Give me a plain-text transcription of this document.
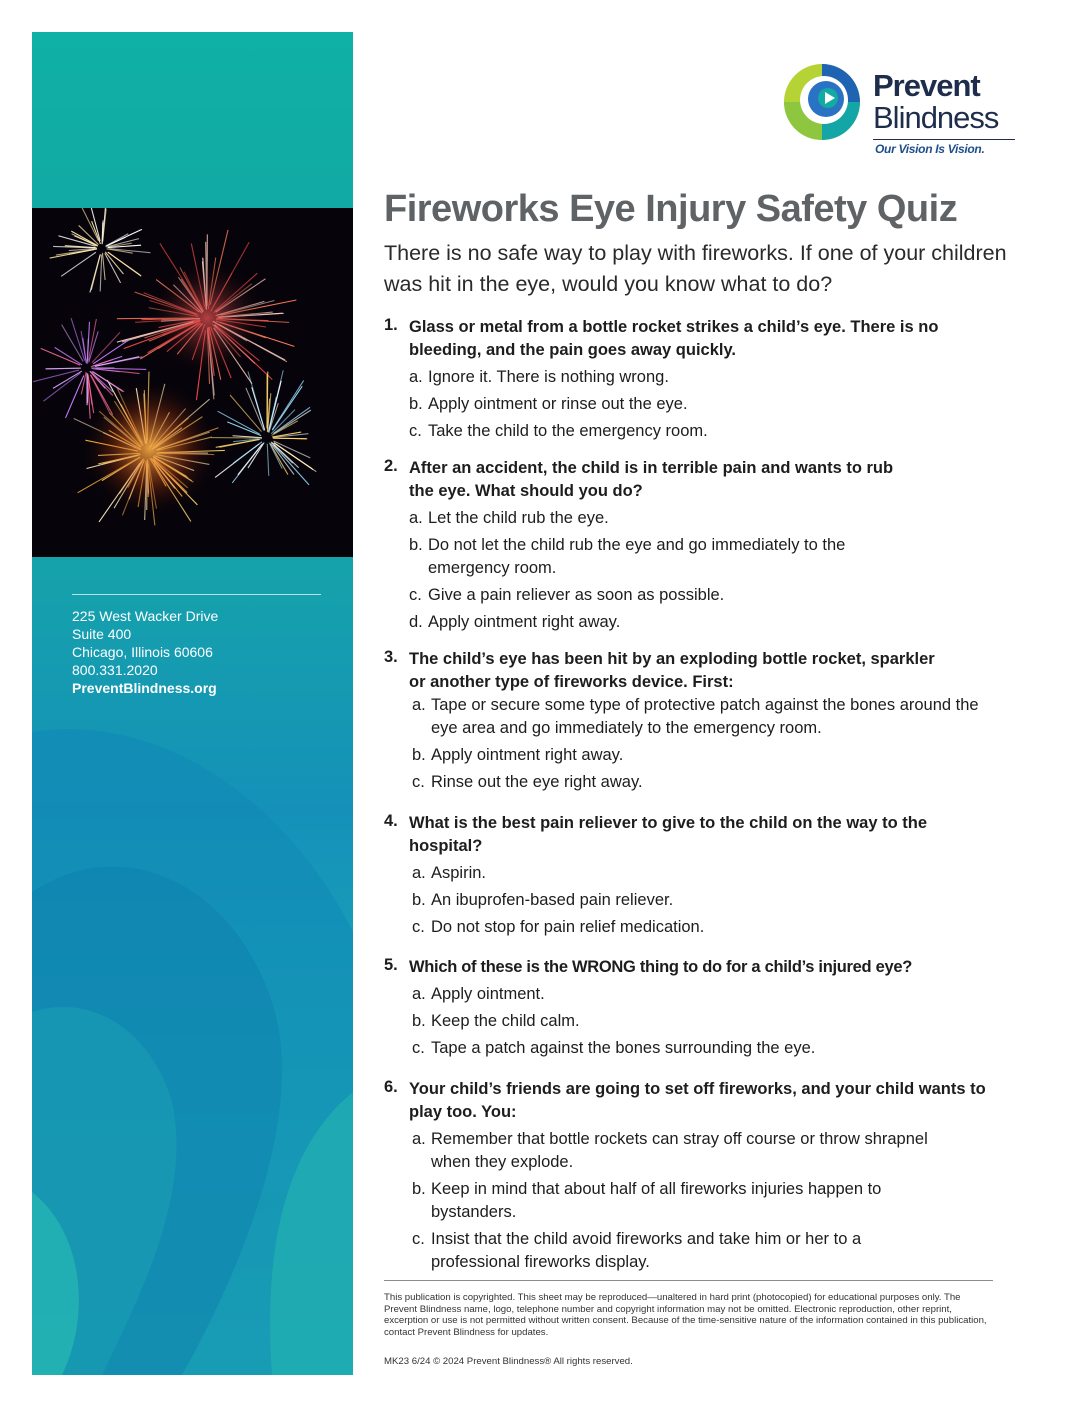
225 West Wacker Drive
Suite 400
Chicago, Illinois 60606
800.331.2020
PreventBlindness.org
Prevent
Blindness
Our Vision Is Vision.
Fireworks Eye Injury Safety Quiz

There is no safe way to play with fireworks. If one of your children was hit in the eye, would you know what to do?

1. Glass or metal from a bottle rocket strikes a child’s eye. There is no bleeding, and the pain goes away quickly.
a. Ignore it. There is nothing wrong.
b. Apply ointment or rinse out the eye.
c. Take the child to the emergency room.
2. After an accident, the child is in terrible pain and wants to rub the eye. What should you do?
a. Let the child rub the eye.
b. Do not let the child rub the eye and go immediately to the emergency room.
c. Give a pain reliever as soon as possible.
d. Apply ointment right away.
3. The child’s eye has been hit by an exploding bottle rocket, sparkler or another type of fireworks device. First:
a. Tape or secure some type of protective patch against the bones around the eye area and go immediately to the emergency room.
b. Apply ointment right away.
c. Rinse out the eye right away.
4. What is the best pain reliever to give to the child on the way to the hospital?
a. Aspirin.
b. An ibuprofen-based pain reliever.
c. Do not stop for pain relief medication.
5. Which of these is the WRONG thing to do for a child’s injured eye?
a. Apply ointment.
b. Keep the child calm.
c. Tape a patch against the bones surrounding the eye.
6. Your child’s friends are going to set off fireworks, and your child wants to play too. You:
a. Remember that bottle rockets can stray off course or throw shrapnel when they explode.
b. Keep in mind that about half of all fireworks injuries happen to bystanders.
c. Insist that the child avoid fireworks and take him or her to a professional fireworks display.

This publication is copyrighted. This sheet may be reproduced—unaltered in hard print (photocopied) for educational purposes only. The Prevent Blindness name, logo, telephone number and copyright information may not be omitted. Electronic reproduction, other reprint, excerption or use is not permitted without written consent. Because of the time-sensitive nature of the information contained in this publication, contact Prevent Blindness for updates.

MK23 6/24 © 2024 Prevent Blindness® All rights reserved.
